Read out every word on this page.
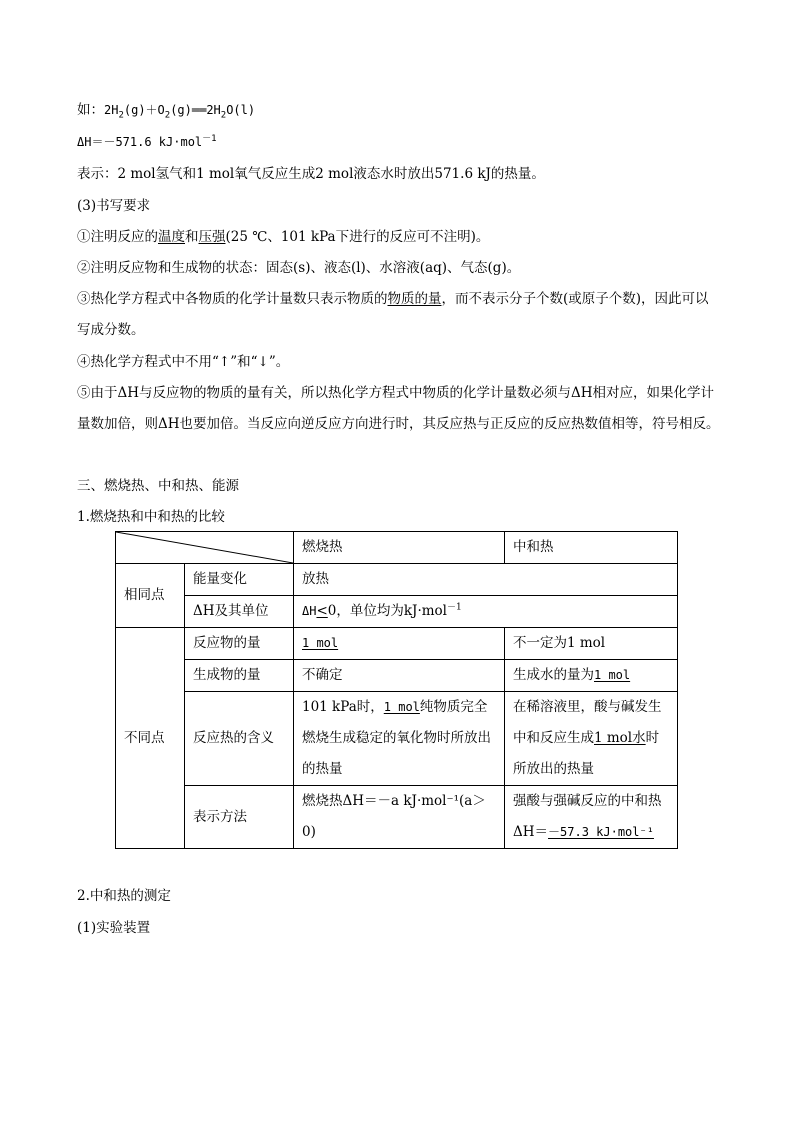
如：$2H_2(g)+O_2(g)══2H_2O(l)$
ΔH＝－571.6 kJ·mol$^{-1}$
表示：2 mol氢气和1 mol氧气反应生成2 mol液态水时放出571.6 kJ的热量。
(3)书写要求
①注明反应的温度和压强(25 ℃、101 kPa下进行的反应可不注明)。
②注明反应物和生成物的状态：固态(s)、液态(l)、水溶液(aq)、气态(g)。
③热化学方程式中各物质的化学计量数只表示物质的物质的量，而不表示分子个数(或原子个数)，因此可以写成分数。
④热化学方程式中不用“↑”和“↓”。
⑤由于ΔH与反应物的物质的量有关，所以热化学方程式中物质的化学计量数必须与ΔH相对应，如果化学计量数加倍，则ΔH也要加倍。当反应向逆反应方向进行时，其反应热与正反应的反应热数值相等，符号相反。
三、燃烧热、中和热、能源
1.燃烧热和中和热的比较
	燃烧热	中和热
相同点	能量变化	放热	
	ΔH及其单位	ΔH<0，单位均为kJ·mol$^{-1}$
不同点	反应物的量	1 mol	不一定为1 mol
	生成物的量	不确定	生成水的量为1 mol
	反应热的含义	101 kPa时，1 mol纯物质完全燃烧生成稳定的氧化物时所放出的热量	在稀溶液里，酸与碱发生中和反应生成1 mol水时所放出的热量
	表示方法	燃烧热ΔH＝－a kJ·mol⁻¹(a＞0)	强酸与强碱反应的中和热ΔH＝－57.3 kJ·mol⁻¹
2.中和热的测定
(1)实验装置
